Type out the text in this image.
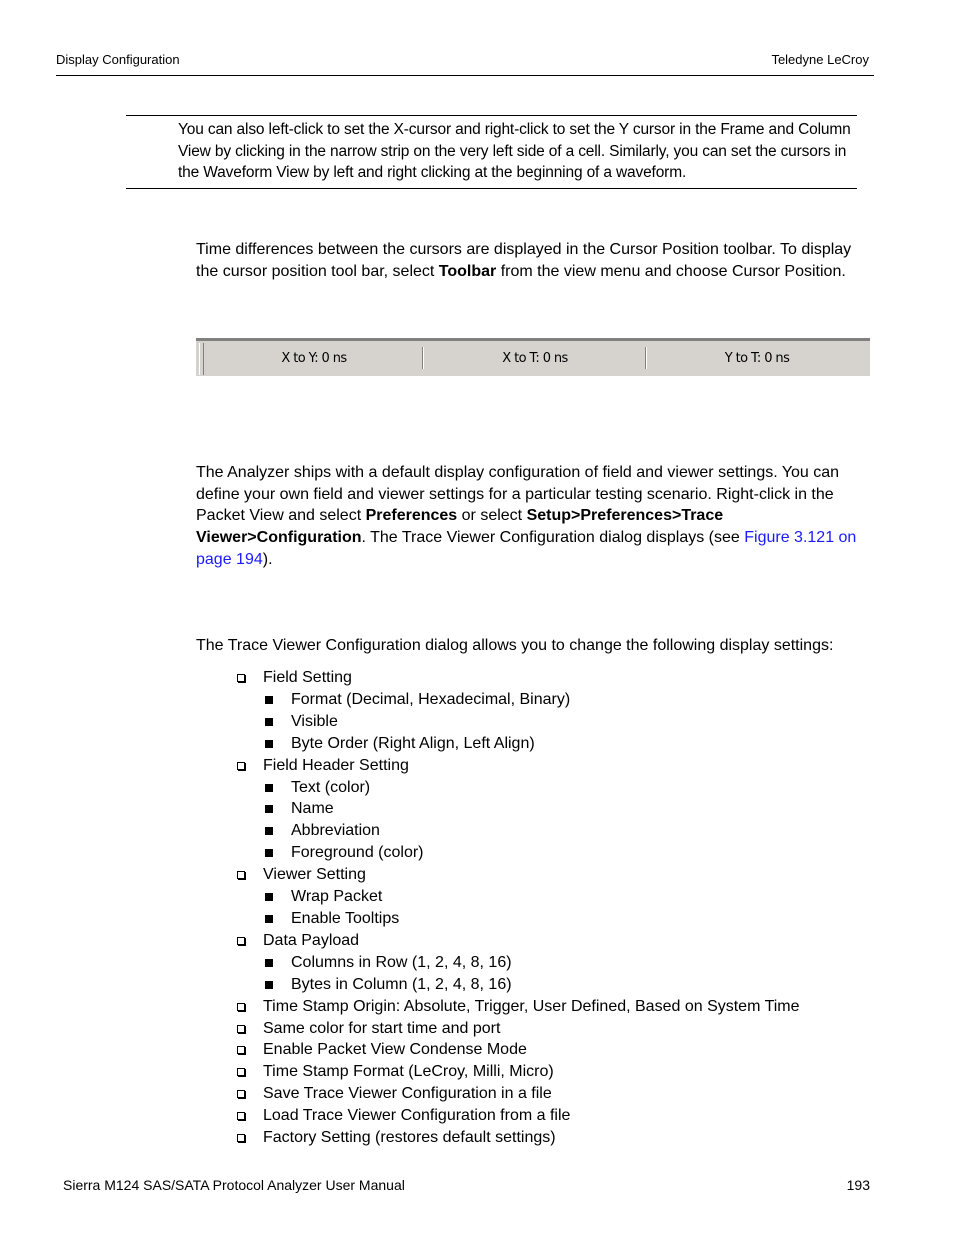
Display Configuration	Teledyne LeCroy

You can also left-click to set the X-cursor and right-click to set the Y cursor in the Frame and Column View by clicking in the narrow strip on the very left side of a cell. Similarly, you can set the cursors in the Waveform View by left and right clicking at the beginning of a waveform.

Time differences between the cursors are displayed in the Cursor Position toolbar. To display the cursor position tool bar, select Toolbar from the view menu and choose Cursor Position.

X to Y: 0 ns	X to T: 0 ns	Y to T: 0 ns

The Analyzer ships with a default display configuration of field and viewer settings. You can define your own field and viewer settings for a particular testing scenario. Right-click in the Packet View and select Preferences or select Setup>Preferences>Trace Viewer>Configuration. The Trace Viewer Configuration dialog displays (see Figure 3.121 on page 194).

The Trace Viewer Configuration dialog allows you to change the following display settings:

Field Setting
Format (Decimal, Hexadecimal, Binary)
Visible
Byte Order (Right Align, Left Align)
Field Header Setting
Text (color)
Name
Abbreviation
Foreground (color)
Viewer Setting
Wrap Packet
Enable Tooltips
Data Payload
Columns in Row (1, 2, 4, 8, 16)
Bytes in Column (1, 2, 4, 8, 16)
Time Stamp Origin: Absolute, Trigger, User Defined, Based on System Time
Same color for start time and port
Enable Packet View Condense Mode
Time Stamp Format (LeCroy, Milli, Micro)
Save Trace Viewer Configuration in a file
Load Trace Viewer Configuration from a file
Factory Setting (restores default settings)
Sierra M124 SAS/SATA Protocol Analyzer User Manual	193
